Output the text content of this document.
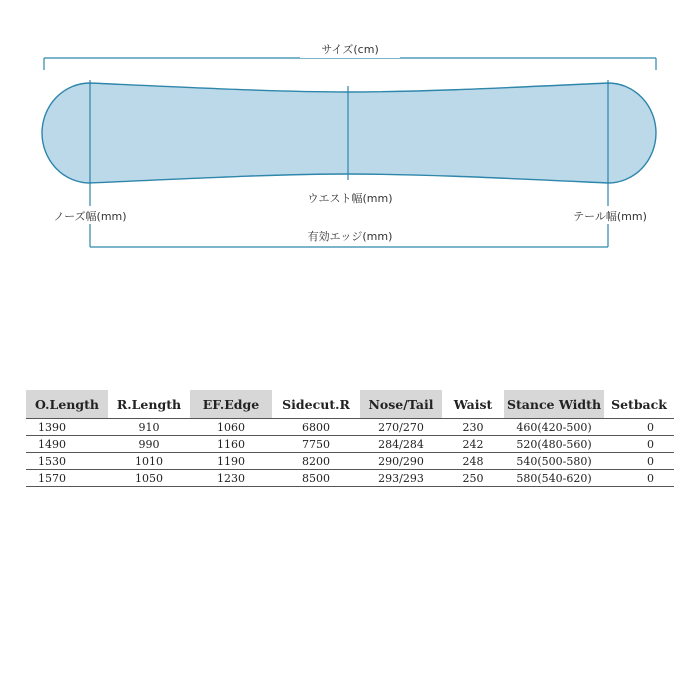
サイズ(cm)
ウエスト幅(mm)
ノーズ幅(mm)	テール幅(mm)
有効エッジ(mm)
O.Length	R.Length	EF.Edge	Sidecut.R	Nose/Tail	Waist	Stance Width	Setback
1390	910	1060	6800	270/270	230	460(420-500)	0
1490	990	1160	7750	284/284	242	520(480-560)	0
1530	1010	1190	8200	290/290	248	540(500-580)	0
1570	1050	1230	8500	293/293	250	580(540-620)	0
